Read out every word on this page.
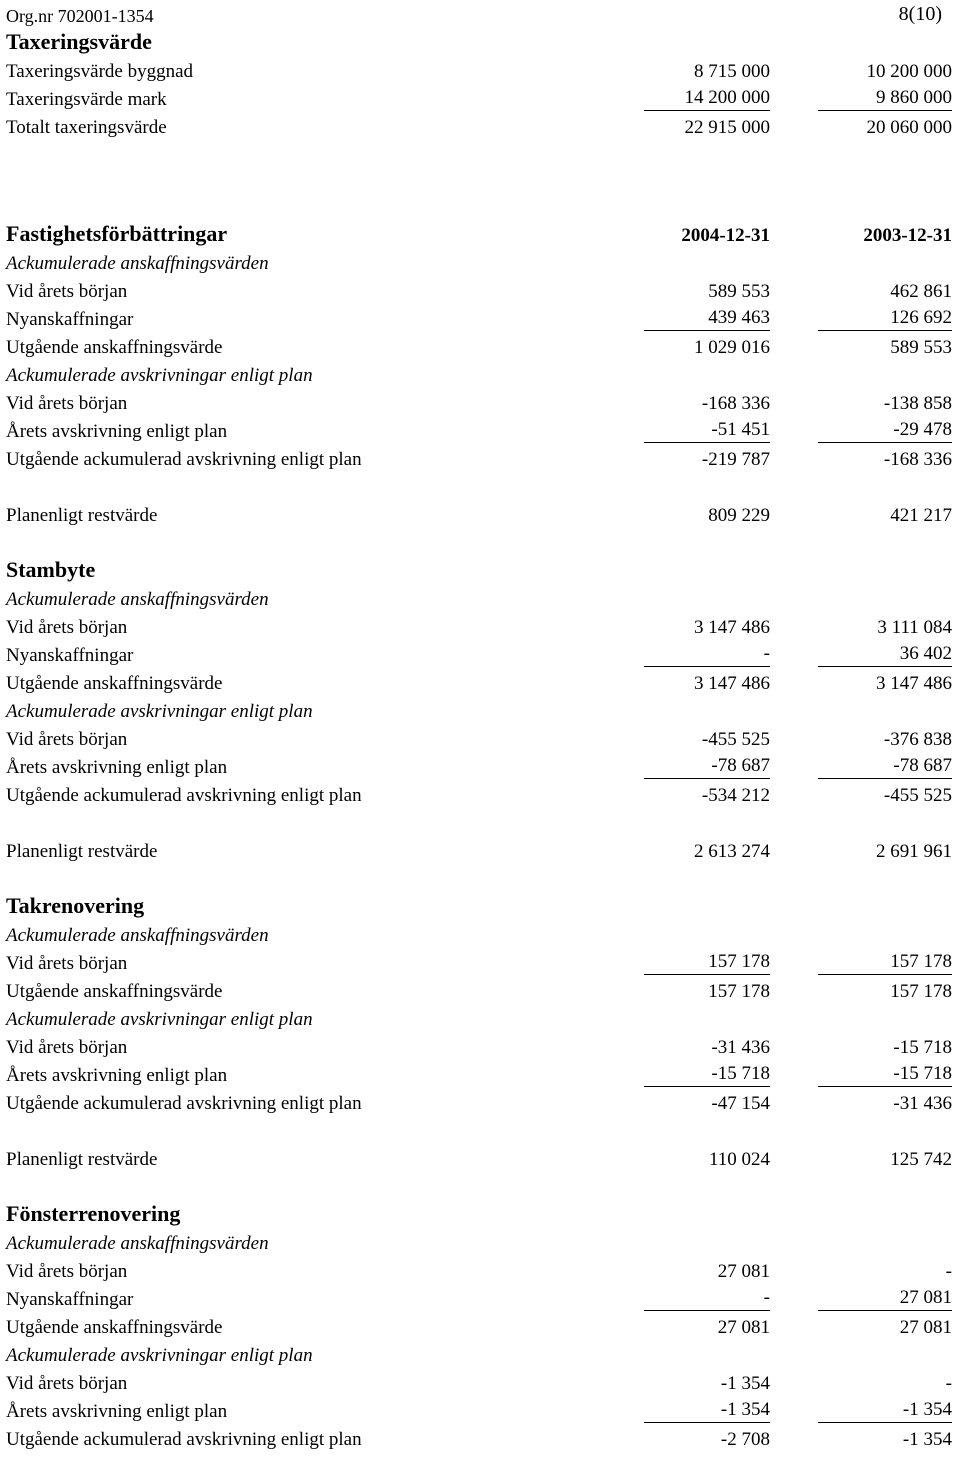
Org.nr 702001-1354	8(10)
Taxeringsvärde
Taxeringsvärde byggnad	8 715 000	10 200 000
Taxeringsvärde mark	14 200 000	9 860 000
Totalt taxeringsvärde	22 915 000	20 060 000
Fastighetsförbättringar	2004-12-31	2003-12-31
Ackumulerade anskaffningsvärden
Vid årets början	589 553	462 861
Nyanskaffningar	439 463	126 692
Utgående anskaffningsvärde	1 029 016	589 553
Ackumulerade avskrivningar enligt plan
Vid årets början	-168 336	-138 858
Årets avskrivning enligt plan	-51 451	-29 478
Utgående ackumulerad avskrivning enligt plan	-219 787	-168 336
Planenligt restvärde	809 229	421 217
Stambyte
Ackumulerade anskaffningsvärden
Vid årets början	3 147 486	3 111 084
Nyanskaffningar	-	36 402
Utgående anskaffningsvärde	3 147 486	3 147 486
Ackumulerade avskrivningar enligt plan
Vid årets början	-455 525	-376 838
Årets avskrivning enligt plan	-78 687	-78 687
Utgående ackumulerad avskrivning enligt plan	-534 212	-455 525
Planenligt restvärde	2 613 274	2 691 961
Takrenovering
Ackumulerade anskaffningsvärden
Vid årets början	157 178	157 178
Utgående anskaffningsvärde	157 178	157 178
Ackumulerade avskrivningar enligt plan
Vid årets början	-31 436	-15 718
Årets avskrivning enligt plan	-15 718	-15 718
Utgående ackumulerad avskrivning enligt plan	-47 154	-31 436
Planenligt restvärde	110 024	125 742
Fönsterrenovering
Ackumulerade anskaffningsvärden
Vid årets början	27 081	-
Nyanskaffningar	-	27 081
Utgående anskaffningsvärde	27 081	27 081
Ackumulerade avskrivningar enligt plan
Vid årets början	-1 354	-
Årets avskrivning enligt plan	-1 354	-1 354
Utgående ackumulerad avskrivning enligt plan	-2 708	-1 354
